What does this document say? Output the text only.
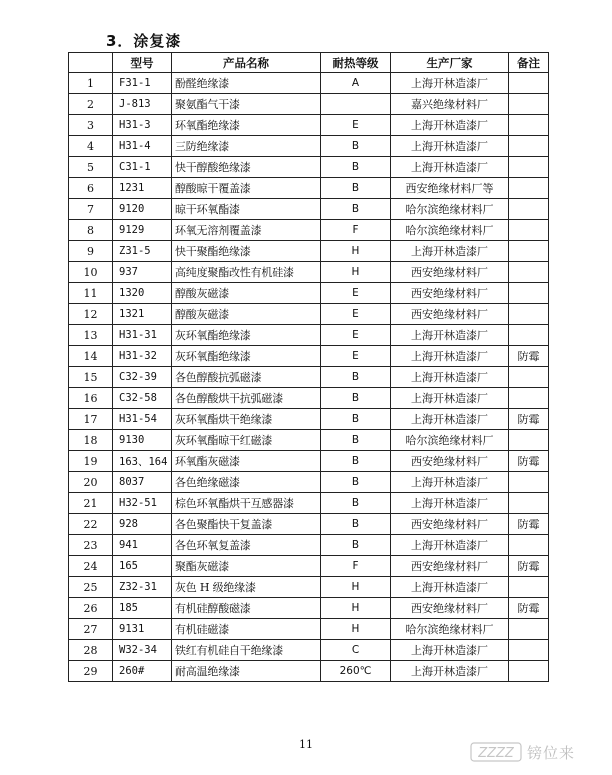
3．涂复漆
	型号	产品名称	耐热等级	生产厂家	备注
1	F31-1	酚醛绝缘漆	A	上海开林造漆厂	
2	J-813	聚氨酯气干漆		嘉兴绝缘材料厂	
3	H31-3	环氧酯绝缘漆	E	上海开林造漆厂	
4	H31-4	三防绝缘漆	B	上海开林造漆厂	
5	C31-1	快干醇酸绝缘漆	B	上海开林造漆厂	
6	1231	醇酸晾干覆盖漆	B	西安绝缘材料厂等	
7	9120	晾干环氧酯漆	B	哈尔滨绝缘材料厂	
8	9129	环氧无溶剂覆盖漆	F	哈尔滨绝缘材料厂	
9	Z31-5	快干聚酯绝缘漆	H	上海开林造漆厂	
10	937	高纯度聚酯改性有机硅漆	H	西安绝缘材料厂	
11	1320	醇酸灰磁漆	E	西安绝缘材料厂	
12	1321	醇酸灰磁漆	E	西安绝缘材料厂	
13	H31-31	灰环氧酯绝缘漆	E	上海开林造漆厂	
14	H31-32	灰环氧酯绝缘漆	E	上海开林造漆厂	防霉
15	C32-39	各色醇酸抗弧磁漆	B	上海开林造漆厂	
16	C32-58	各色醇酸烘干抗弧磁漆	B	上海开林造漆厂	
17	H31-54	灰环氧酯烘干绝缘漆	B	上海开林造漆厂	防霉
18	9130	灰环氧酯晾干红磁漆	B	哈尔滨绝缘材料厂	
19	163、164	环氧酯灰磁漆	B	西安绝缘材料厂	防霉
20	8037	各色绝缘磁漆	B	上海开林造漆厂	
21	H32-51	棕色环氧酯烘干互感器漆	B	上海开林造漆厂	
22	928	各色聚酯快干复盖漆	B	西安绝缘材料厂	防霉
23	941	各色环氧复盖漆	B	上海开林造漆厂	
24	165	聚酯灰磁漆	F	西安绝缘材料厂	防霉
25	Z32-31	灰色 H 级绝缘漆	H	上海开林造漆厂	
26	185	有机硅醇酸磁漆	H	西安绝缘材料厂	防霉
27	9131	有机硅磁漆	H	哈尔滨绝缘材料厂	
28	W32-34	铁红有机硅自干绝缘漆	C	上海开林造漆厂	
29	260#	耐高温绝缘漆	260℃	上海开林造漆厂	
11
ZZZZ 镑位来
